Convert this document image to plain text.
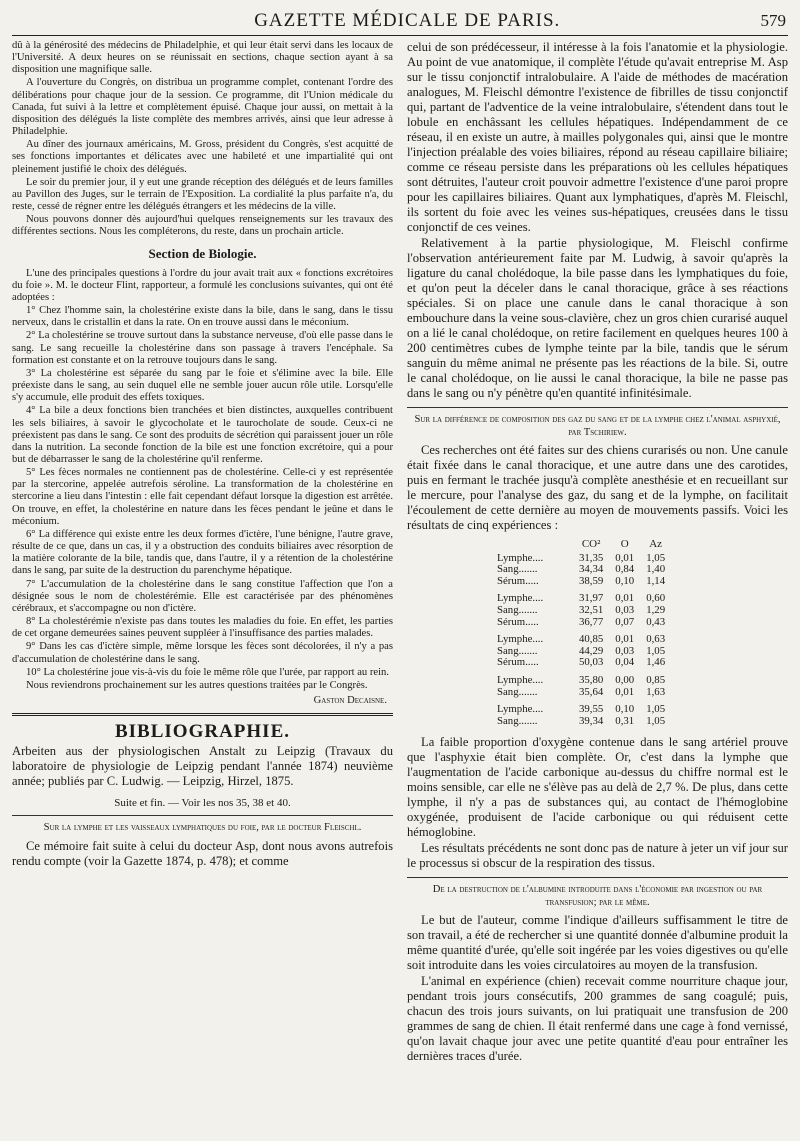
GAZETTE MÉDICALE DE PARIS.	579

dû à la générosité des médecins de Philadelphie, et qui leur était servi dans les locaux de l'Université. A deux heures on se réunissait en sections, chaque section ayant à sa disposition une magnifique salle.

A l'ouverture du Congrès, on distribua un programme complet, contenant l'ordre des délibérations pour chaque jour de la session. Ce programme, dit l'Union médicale du Canada, fut suivi à la lettre et complètement épuisé. Chaque jour aussi, on mettait à la disposition des délégués la liste complète des membres arrivés, ainsi que leur adresse à Philadelphie.

Au dîner des journaux américains, M. Gross, président du Congrès, s'est acquitté de ses fonctions importantes et délicates avec une habileté et une impartialité qui ont pleinement justifié le choix des délégués.

Le soir du premier jour, il y eut une grande réception des délégués et de leurs familles au Pavillon des Juges, sur le terrain de l'Exposition. La cordialité la plus parfaite n'a, du reste, cessé de régner entre les délégués étrangers et les médecins de la ville.

Nous pouvons donner dès aujourd'hui quelques renseignements sur les travaux des différentes sections. Nous les compléterons, du reste, dans un prochain article.

Section de Biologie.

L'une des principales questions à l'ordre du jour avait trait aux « fonctions excrétoires du foie ». M. le docteur Flint, rapporteur, a formulé les conclusions suivantes, qui ont été adoptées :

1° Chez l'homme sain, la cholestérine existe dans la bile, dans le sang, dans le tissu nerveux, dans le cristallin et dans la rate. On en trouve aussi dans le méconium.

2° La cholestérine se trouve surtout dans la substance nerveuse, d'où elle passe dans le sang. Le sang recueille la cholestérine dans son passage à travers l'encéphale. Sa formation est constante et on la retrouve toujours dans le sang.

3° La cholestérine est séparée du sang par le foie et s'élimine avec la bile. Elle préexiste dans le sang, au sein duquel elle ne semble jouer aucun rôle utile. Lorsqu'elle s'y accumule, elle produit des effets toxiques.

4° La bile a deux fonctions bien tranchées et bien distinctes, auxquelles contribuent les sels biliaires, à savoir le glycocholate et le taurocholate de soude. Ceux-ci ne préexistent pas dans le sang. Ce sont des produits de sécrétion qui paraissent jouer un rôle dans la nutrition. La seconde fonction de la bile est une fonction excrétoire, qui a pour but de débarrasser le sang de la cholestérine qu'il renferme.

5° Les fèces normales ne contiennent pas de cholestérine. Celle-ci y est représentée par la stercorine, appelée autrefois séroline. La transformation de la cholestérine en stercorine a lieu dans l'intestin : elle fait cependant défaut lorsque la digestion est arrêtée. On trouve, en effet, la cholestérine en nature dans les fèces pendant le jeûne et dans le méconium.

6° La différence qui existe entre les deux formes d'ictère, l'une bénigne, l'autre grave, résulte de ce que, dans un cas, il y a obstruction des conduits biliaires avec résorption de la matière colorante de la bile, tandis que, dans l'autre, il y a rétention de la cholestérine dans le sang, par suite de la destruction du parenchyme hépatique.

7° L'accumulation de la cholestérine dans le sang constitue l'affection que l'on a désignée sous le nom de cholestérémie. Elle est caractérisée par des phénomènes cérébraux, et s'accompagne ou non d'ictère.

8° La cholestérémie n'existe pas dans toutes les maladies du foie. En effet, les parties de cet organe demeurées saines peuvent suppléer à l'insuffisance des parties malades.

9° Dans les cas d'ictère simple, même lorsque les fèces sont décolorées, il n'y a pas d'accumulation de cholestérine dans le sang.

10° La cholestérine joue vis-à-vis du foie le même rôle que l'urée, par rapport au rein.

Nous reviendrons prochainement sur les autres questions traitées par le Congrès.

Gaston Decaisne.
BIBLIOGRAPHIE.
Arbeiten aus der physiologischen Anstalt zu Leipzig (Travaux du laboratoire de physiologie de Leipzig pendant l'année 1874) neuvième année; publiés par C. Ludwig. — Leipzig, Hirzel, 1875.
Suite et fin. — Voir les nos 35, 38 et 40.
Sur la lymphe et les vaisseaux lymphatiques du foie, par le docteur Fleischl.

Ce mémoire fait suite à celui du docteur Asp, dont nous avons autrefois rendu compte (voir la Gazette 1874, p. 478); et comme

celui de son prédécesseur, il intéresse à la fois l'anatomie et la physiologie. Au point de vue anatomique, il complète l'étude qu'avait entreprise M. Asp sur le tissu conjonctif intralobulaire. A l'aide de méthodes de macération analogues, M. Fleischl démontre l'existence de fibrilles de tissu conjonctif qui, partant de l'adventice de la veine intralobulaire, s'étendent dans tout le lobule en enchâssant les cellules hépatiques. Indépendamment de ce réseau, il en existe un autre, à mailles polygonales qui, ainsi que le montre l'injection préalable des voies biliaires, répond au réseau capillaire biliaire; comme ce réseau persiste dans les préparations où les cellules hépatiques sont détruites, l'auteur croit pouvoir admettre l'existence d'une paroi propre pour les capillaires biliaires. Quant aux lymphatiques, d'après M. Fleischl, ils sortent du foie avec les veines sus-hépatiques, creusées dans le tissu conjonctif de ces veines.

Relativement à la partie physiologique, M. Fleischl confirme l'observation antérieurement faite par M. Ludwig, à savoir qu'après la ligature du canal cholédoque, la bile passe dans les lymphatiques du foie, et qu'on peut la déceler dans le canal thoracique, grâce à ses réactions spéciales. Si on place une canule dans le canal thoracique à son embouchure dans la veine sous-clavière, chez un gros chien curarisé auquel on a lié le canal cholédoque, on retire facilement en quelques heures 100 à 200 centimètres cubes de lymphe teinte par la bile, tandis que le sérum sanguin du même animal ne présente pas les réactions de la bile. Si, outre le canal cholédoque, on lie aussi le canal thoracique, la bile ne passe pas dans le sang ou n'y pénètre qu'en quantité infinitésimale.

Sur la différence de composition des gaz du sang et de la lymphe chez l'animal asphyxié, par Tschiriew.

Ces recherches ont été faites sur des chiens curarisés ou non. Une canule était fixée dans le canal thoracique, et une autre dans une des carotides, puis en fermant le trachée jusqu'à complète anesthésie et en recueillant sur le mercure, pour l'analyse des gaz, du sang et de la lymphe, on facilitait l'écoulement de cette dernière au moyen de mouvements passifs. Voici les résultats de cinq expériences :

	CO²	O	Az
Lymphe....	31,35	0,01	1,05
Sang.......	34,34	0,84	1,40
Sérum.....	38,59	0,10	1,14
Lymphe....	31,97	0,01	0,60
Sang.......	32,51	0,03	1,29
Sérum.....	36,77	0,07	0,43
Lymphe....	40,85	0,01	0,63
Sang.......	44,29	0,03	1,05
Sérum.....	50,03	0,04	1,46
Lymphe....	35,80	0,00	0,85
Sang.......	35,64	0,01	1,63
Lymphe....	39,55	0,10	1,05
Sang.......	39,34	0,31	1,05

La faible proportion d'oxygène contenue dans le sang artériel prouve que l'asphyxie était bien complète. Or, c'est dans la lymphe que l'augmentation de l'acide carbonique au-dessus du chiffre normal est le moins sensible, car elle ne s'élève pas au delà de 2,7 %. De plus, dans cette lymphe, il n'y a pas de substances qui, au contact de l'hémoglobine oxygénée, produisent de l'acide carbonique ou qui réduisent cette hémoglobine.

Les résultats précédents ne sont donc pas de nature à jeter un vif jour sur le processus si obscur de la respiration des tissus.

De la destruction de l'albumine introduite dans l'économie par ingestion ou par transfusion; par le même.

Le but de l'auteur, comme l'indique d'ailleurs suffisamment le titre de son travail, a été de rechercher si une quantité donnée d'albumine produit la même quantité d'urée, qu'elle soit ingérée par les voies digestives ou qu'elle soit introduite dans les voies circulatoires au moyen de la transfusion.

L'animal en expérience (chien) recevait comme nourriture chaque jour, pendant trois jours consécutifs, 200 grammes de sang coagulé; puis, chacun des trois jours suivants, on lui pratiquait une transfusion de 200 grammes de sang de chien. Il était renfermé dans une cage à fond vernissé, qu'on lavait chaque jour avec une petite quantité d'eau pour entraîner les dernières traces d'urée.
